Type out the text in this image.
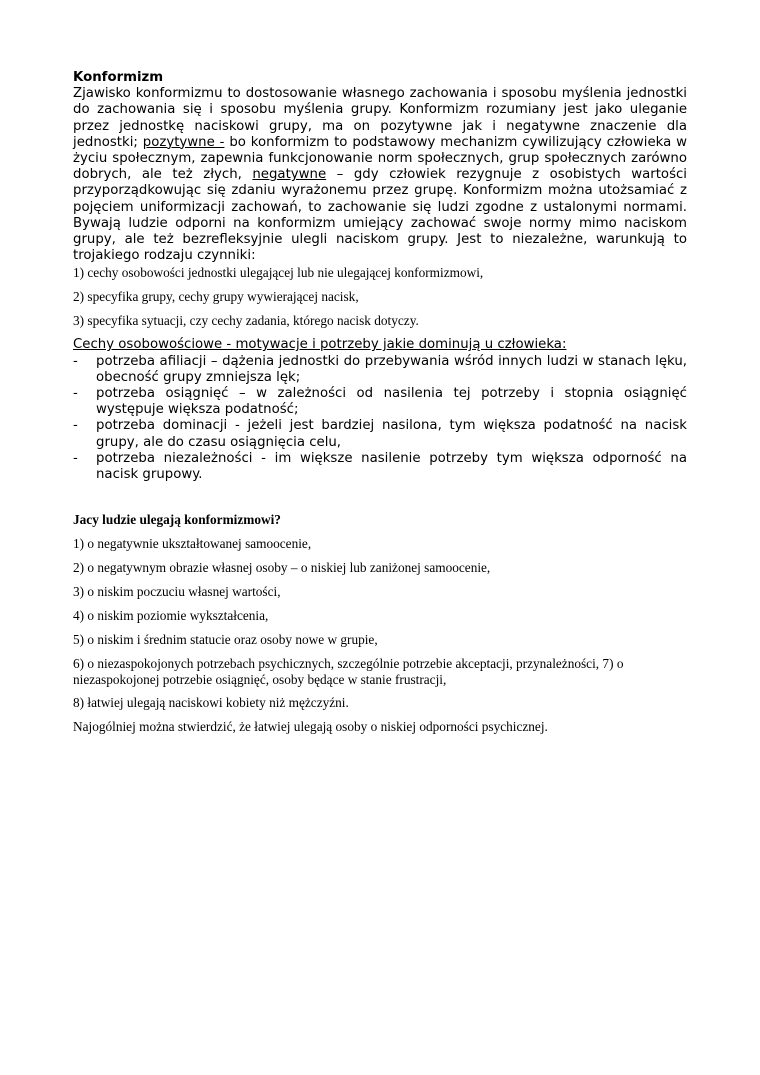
Konformizm

Zjawisko konformizmu to dostosowanie własnego zachowania i sposobu myślenia jednostki do zachowania się i sposobu myślenia grupy. Konformizm rozumiany jest jako uleganie przez jednostkę naciskowi grupy, ma on pozytywne jak i negatywne znaczenie dla jednostki; pozytywne - bo konformizm to podstawowy mechanizm cywilizujący człowieka w życiu społecznym, zapewnia funkcjonowanie norm społecznych, grup społecznych zarówno dobrych, ale też złych, negatywne – gdy człowiek rezygnuje z osobistych wartości przyporządkowując się zdaniu wyrażonemu przez grupę. Konformizm można utożsamiać z pojęciem uniformizacji zachowań, to zachowanie się ludzi zgodne z ustalonymi normami. Bywają ludzie odporni na konformizm umiejący zachować swoje normy mimo naciskom grupy, ale też bezrefleksyjnie ulegli naciskom grupy. Jest to niezależne, warunkują to trojakiego rodzaju czynniki:

1) cechy osobowości jednostki ulegającej lub nie ulegającej konformizmowi,

2) specyfika grupy, cechy grupy wywierającej nacisk,

3) specyfika sytuacji, czy cechy zadania, którego nacisk dotyczy.

Cechy osobowościowe - motywacje i potrzeby jakie dominują u człowieka:

- potrzeba afiliacji – dążenia jednostki do przebywania wśród innych ludzi w stanach lęku, obecność grupy zmniejsza lęk;
- potrzeba osiągnięć – w zależności od nasilenia tej potrzeby i stopnia osiągnięć występuje większa podatność;
- potrzeba dominacji - jeżeli jest bardziej nasilona, tym większa podatność na nacisk grupy, ale do czasu osiągnięcia celu,
- potrzeba niezależności - im większe nasilenie potrzeby tym większa odporność na nacisk grupowy.

Jacy ludzie ulegają konformizmowi?

1) o negatywnie ukształtowanej samoocenie,

2) o negatywnym obrazie własnej osoby – o niskiej lub zaniżonej samoocenie,

3) o niskim poczuciu własnej wartości,

4) o niskim poziomie wykształcenia,

5) o niskim i średnim statucie oraz osoby nowe w grupie,

6) o niezaspokojonych potrzebach psychicznych, szczególnie potrzebie akceptacji, przynależności, 7) o niezaspokojonej potrzebie osiągnięć, osoby będące w stanie frustracji,

8) łatwiej ulegają naciskowi kobiety niż mężczyźni.

Najogólniej można stwierdzić, że łatwiej ulegają osoby o niskiej odporności psychicznej.
